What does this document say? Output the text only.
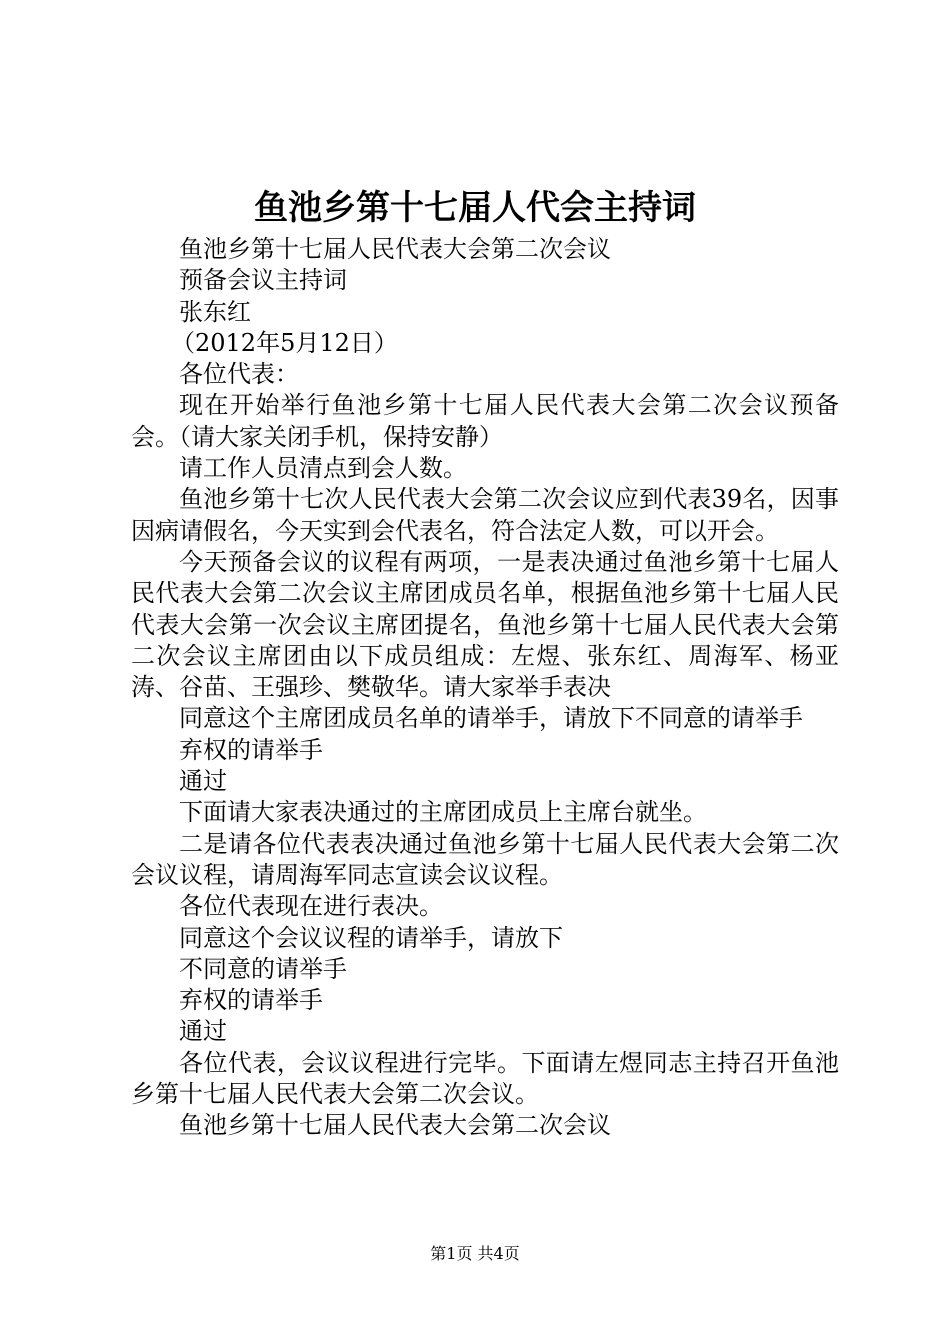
鱼池乡第十七届人代会主持词

鱼池乡第十七届人民代表大会第二次会议

预备会议主持词

张东红

（2012年5月12日）

各位代表：

现在开始举行鱼池乡第十七届人民代表大会第二次会议预备会。（请大家关闭手机，保持安静）

请工作人员清点到会人数。

鱼池乡第十七次人民代表大会第二次会议应到代表39名，因事因病请假名，今天实到会代表名，符合法定人数，可以开会。

今天预备会议的议程有两项，一是表决通过鱼池乡第十七届人民代表大会第二次会议主席团成员名单，根据鱼池乡第十七届人民代表大会第一次会议主席团提名，鱼池乡第十七届人民代表大会第二次会议主席团由以下成员组成：左煜、张东红、周海军、杨亚涛、谷苗、王强珍、樊敬华。请大家举手表决

同意这个主席团成员名单的请举手，请放下不同意的请举手

弃权的请举手

通过

下面请大家表决通过的主席团成员上主席台就坐。

二是请各位代表表决通过鱼池乡第十七届人民代表大会第二次会议议程，请周海军同志宣读会议议程。

各位代表现在进行表决。

同意这个会议议程的请举手，请放下

不同意的请举手

弃权的请举手

通过

各位代表，会议议程进行完毕。下面请左煜同志主持召开鱼池乡第十七届人民代表大会第二次会议。

鱼池乡第十七届人民代表大会第二次会议

第1页 共4页
